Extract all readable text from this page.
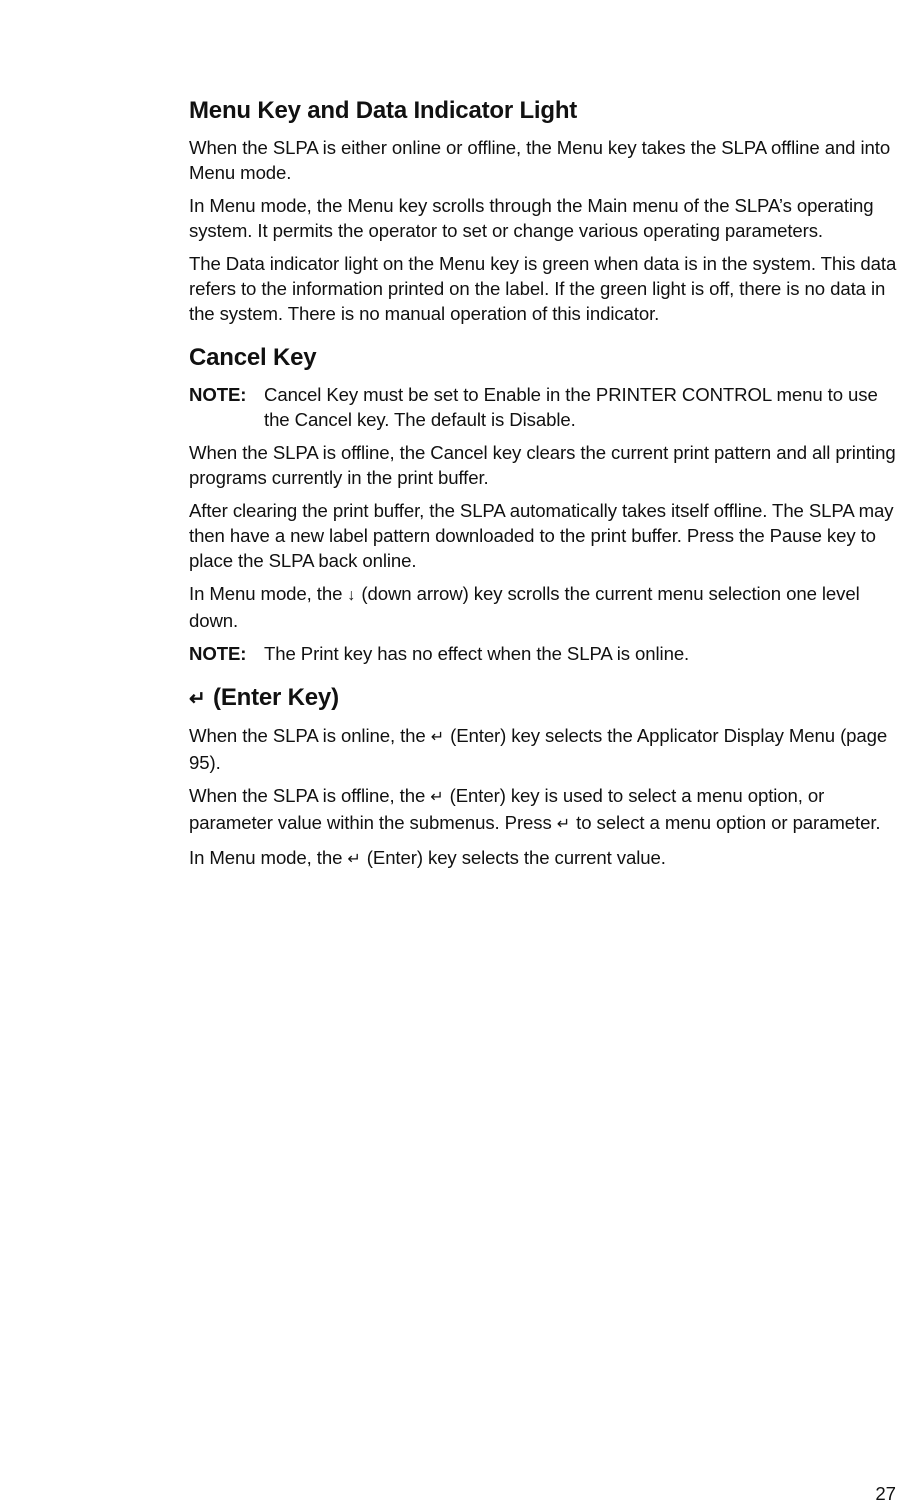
Menu Key and Data Indicator Light

When the SLPA is either online or offline, the Menu key takes the SLPA offline and into Menu mode.

In Menu mode, the Menu key scrolls through the Main menu of the SLPA’s operating system. It permits the operator to set or change various operating parameters.

The Data indicator light on the Menu key is green when data is in the system. This data refers to the information printed on the label. If the green light is off, there is no data in the system. There is no manual operation of this indicator.

Cancel Key

NOTE: Cancel Key must be set to Enable in the PRINTER CONTROL menu to use the Cancel key. The default is Disable.

When the SLPA is offline, the Cancel key clears the current print pattern and all printing programs currently in the print buffer.

After clearing the print buffer, the SLPA automatically takes itself offline. The SLPA may then have a new label pattern downloaded to the print buffer. Press the Pause key to place the SLPA back online.

In Menu mode, the ↓ (down arrow) key scrolls the current menu selection one level down.

NOTE: The Print key has no effect when the SLPA is online.

↵ (Enter Key)

When the SLPA is online, the ↵ (Enter) key selects the Applicator Display Menu (page 95).

When the SLPA is offline, the ↵ (Enter) key is used to select a menu option, or parameter value within the submenus. Press ↵ to select a menu option or parameter.

In Menu mode, the ↵ (Enter) key selects the current value.

27
